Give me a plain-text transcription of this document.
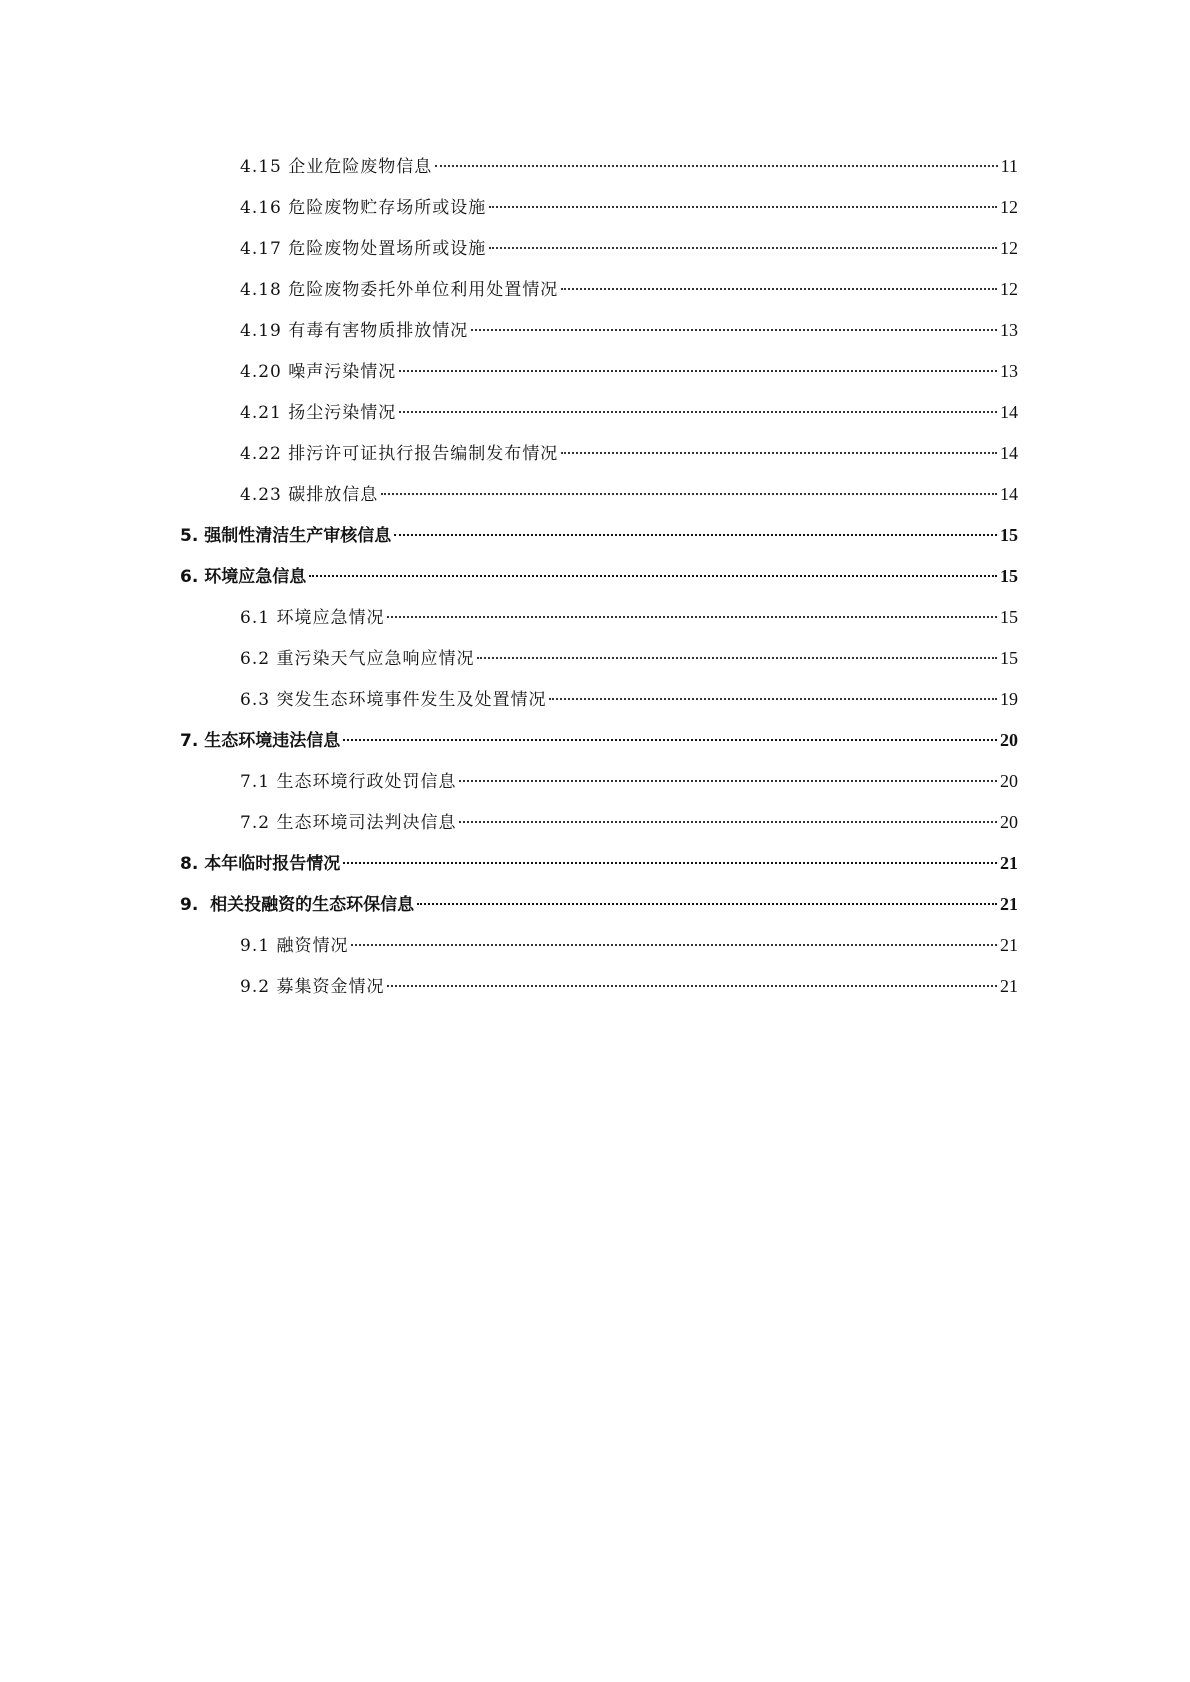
4.15 企业危险废物信息	11
4.16 危险废物贮存场所或设施	12
4.17 危险废物处置场所或设施	12
4.18 危险废物委托外单位利用处置情况	12
4.19 有毒有害物质排放情况	13
4.20 噪声污染情况	13
4.21 扬尘污染情况	14
4.22 排污许可证执行报告编制发布情况	14
4.23 碳排放信息	14
5. 强制性清洁生产审核信息	15
6. 环境应急信息	15
6.1 环境应急情况	15
6.2 重污染天气应急响应情况	15
6.3 突发生态环境事件发生及处置情况	19
7. 生态环境违法信息	20
7.1 生态环境行政处罚信息	20
7.2 生态环境司法判决信息	20
8. 本年临时报告情况	21
9.  相关投融资的生态环保信息	21
9.1 融资情况	21
9.2 募集资金情况	21
